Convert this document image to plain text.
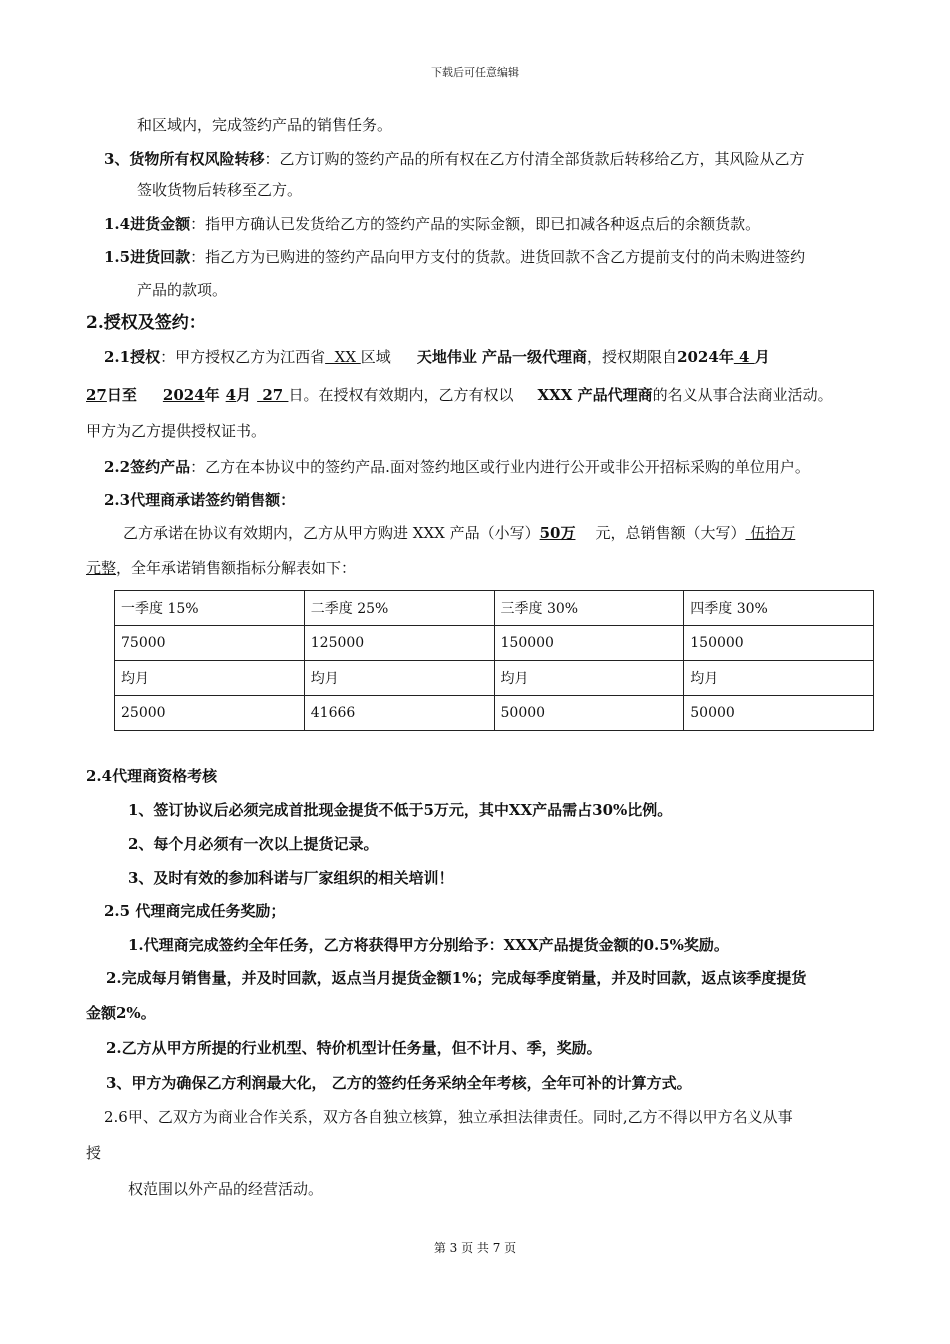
下载后可任意编辑
和区域内，完成签约产品的销售任务。
3、货物所有权风险转移：乙方订购的签约产品的所有权在乙方付清全部货款后转移给乙方，其风险从乙方
签收货物后转移至乙方。
1.4进货金额：指甲方确认已发货给乙方的签约产品的实际金额，即已扣减各种返点后的余额货款。
1.5进货回款：指乙方为已购进的签约产品向甲方支付的货款。进货回款不含乙方提前支付的尚未购进签约
产品的款项。
2.授权及签约：
2.1授权：甲方授权乙方为江西省  XX 区域 天地伟业 产品一级代理商，授权期限自2024年 4 月
27日至 2024年 4月 27 日。在授权有效期内，乙方有权以 XXX 产品代理商的名义从事合法商业活动。
甲方为乙方提供授权证书。
2.2签约产品：乙方在本协议中的签约产品.面对签约地区或行业内进行公开或非公开招标采购的单位用户。
2.3代理商承诺签约销售额：
乙方承诺在协议有效期内，乙方从甲方购进 XXX 产品（小写）50万 元，总销售额（大写） 伍拾万
元整，全年承诺销售额指标分解表如下：
一季度 15%	二季度 25%	三季度 30%	四季度 30%
75000	125000	150000	150000
均月	均月	均月	均月
25000	41666	50000	50000
2.4代理商资格考核
1、签订协议后必须完成首批现金提货不低于5万元，其中XX产品需占30%比例。
2、每个月必须有一次以上提货记录。
3、及时有效的参加科诺与厂家组织的相关培训！
2.5 代理商完成任务奖励；
1.代理商完成签约全年任务，乙方将获得甲方分别给予：XXX产品提货金额的0.5%奖励。
2.完成每月销售量，并及时回款，返点当月提货金额1%；完成每季度销量，并及时回款，返点该季度提货
金额2%。
2.乙方从甲方所提的行业机型、特价机型计任务量，但不计月、季，奖励。
3、甲方为确保乙方利润最大化， 乙方的签约任务采纳全年考核，全年可补的计算方式。
2.6甲、乙双方为商业合作关系，双方各自独立核算，独立承担法律责任。同时,乙方不得以甲方名义从事
授
权范围以外产品的经营活动。
第 3 页 共 7 页
